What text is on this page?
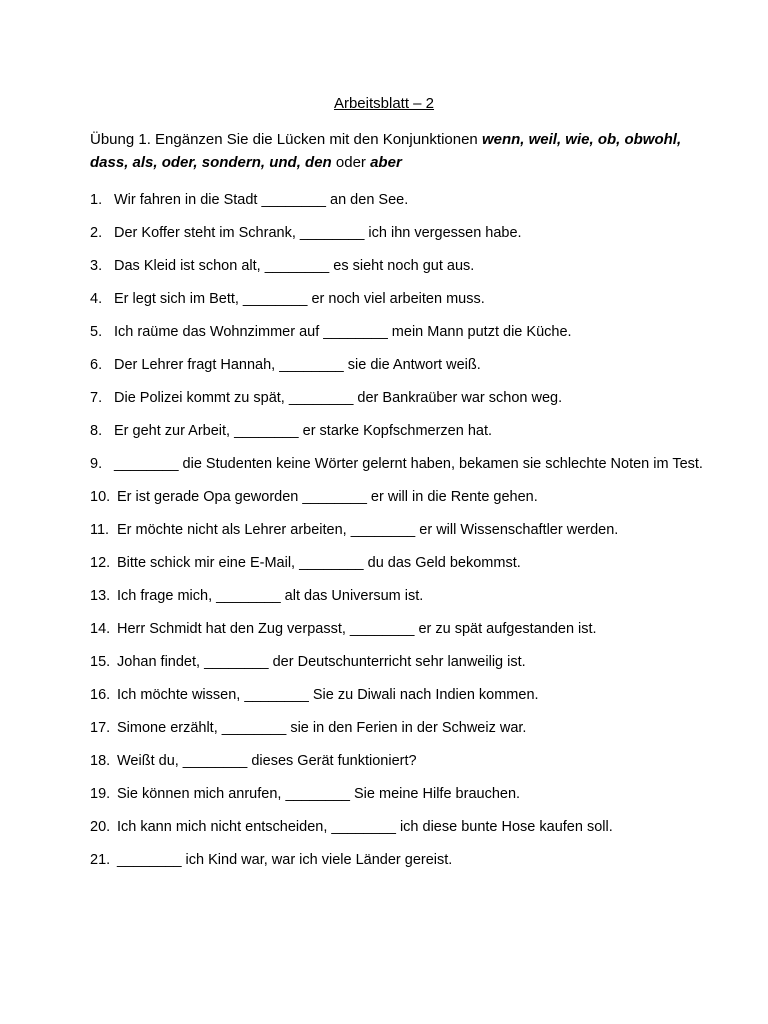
Arbeitsblatt – 2
Übung 1. Engänzen Sie die Lücken mit den Konjunktionen wenn, weil, wie, ob, obwohl, dass, als, oder, sondern, und, den oder aber
1. Wir fahren in die Stadt ________ an den See.
2. Der Koffer steht im Schrank, ________ ich ihn vergessen habe.
3. Das Kleid ist schon alt, ________ es sieht noch gut aus.
4. Er legt sich im Bett, ________ er noch viel arbeiten muss.
5. Ich raüme das Wohnzimmer auf ________ mein Mann putzt die Küche.
6. Der Lehrer fragt Hannah, ________ sie die Antwort weiß.
7. Die Polizei kommt zu spät, ________ der Bankraüber war schon weg.
8. Er geht zur Arbeit, ________ er starke Kopfschmerzen hat.
9. ________ die Studenten keine Wörter gelernt haben, bekamen sie schlechte Noten im Test.
10. Er ist gerade Opa geworden ________ er will in die Rente gehen.
11. Er möchte nicht als Lehrer arbeiten, ________ er will Wissenschaftler werden.
12. Bitte schick mir eine E-Mail, ________ du das Geld bekommst.
13. Ich frage mich, ________ alt das Universum ist.
14. Herr Schmidt hat den Zug verpasst, ________ er zu spät aufgestanden ist.
15. Johan findet, ________ der Deutschunterricht sehr lanweilig ist.
16. Ich möchte wissen, ________ Sie zu Diwali nach Indien kommen.
17. Simone erzählt, ________ sie in den Ferien in der Schweiz war.
18. Weißt du, ________ dieses Gerät funktioniert?
19. Sie können mich anrufen, ________ Sie meine Hilfe brauchen.
20. Ich kann mich nicht entscheiden, ________ ich diese bunte Hose kaufen soll.
21. ________ ich Kind war, war ich viele Länder gereist.
